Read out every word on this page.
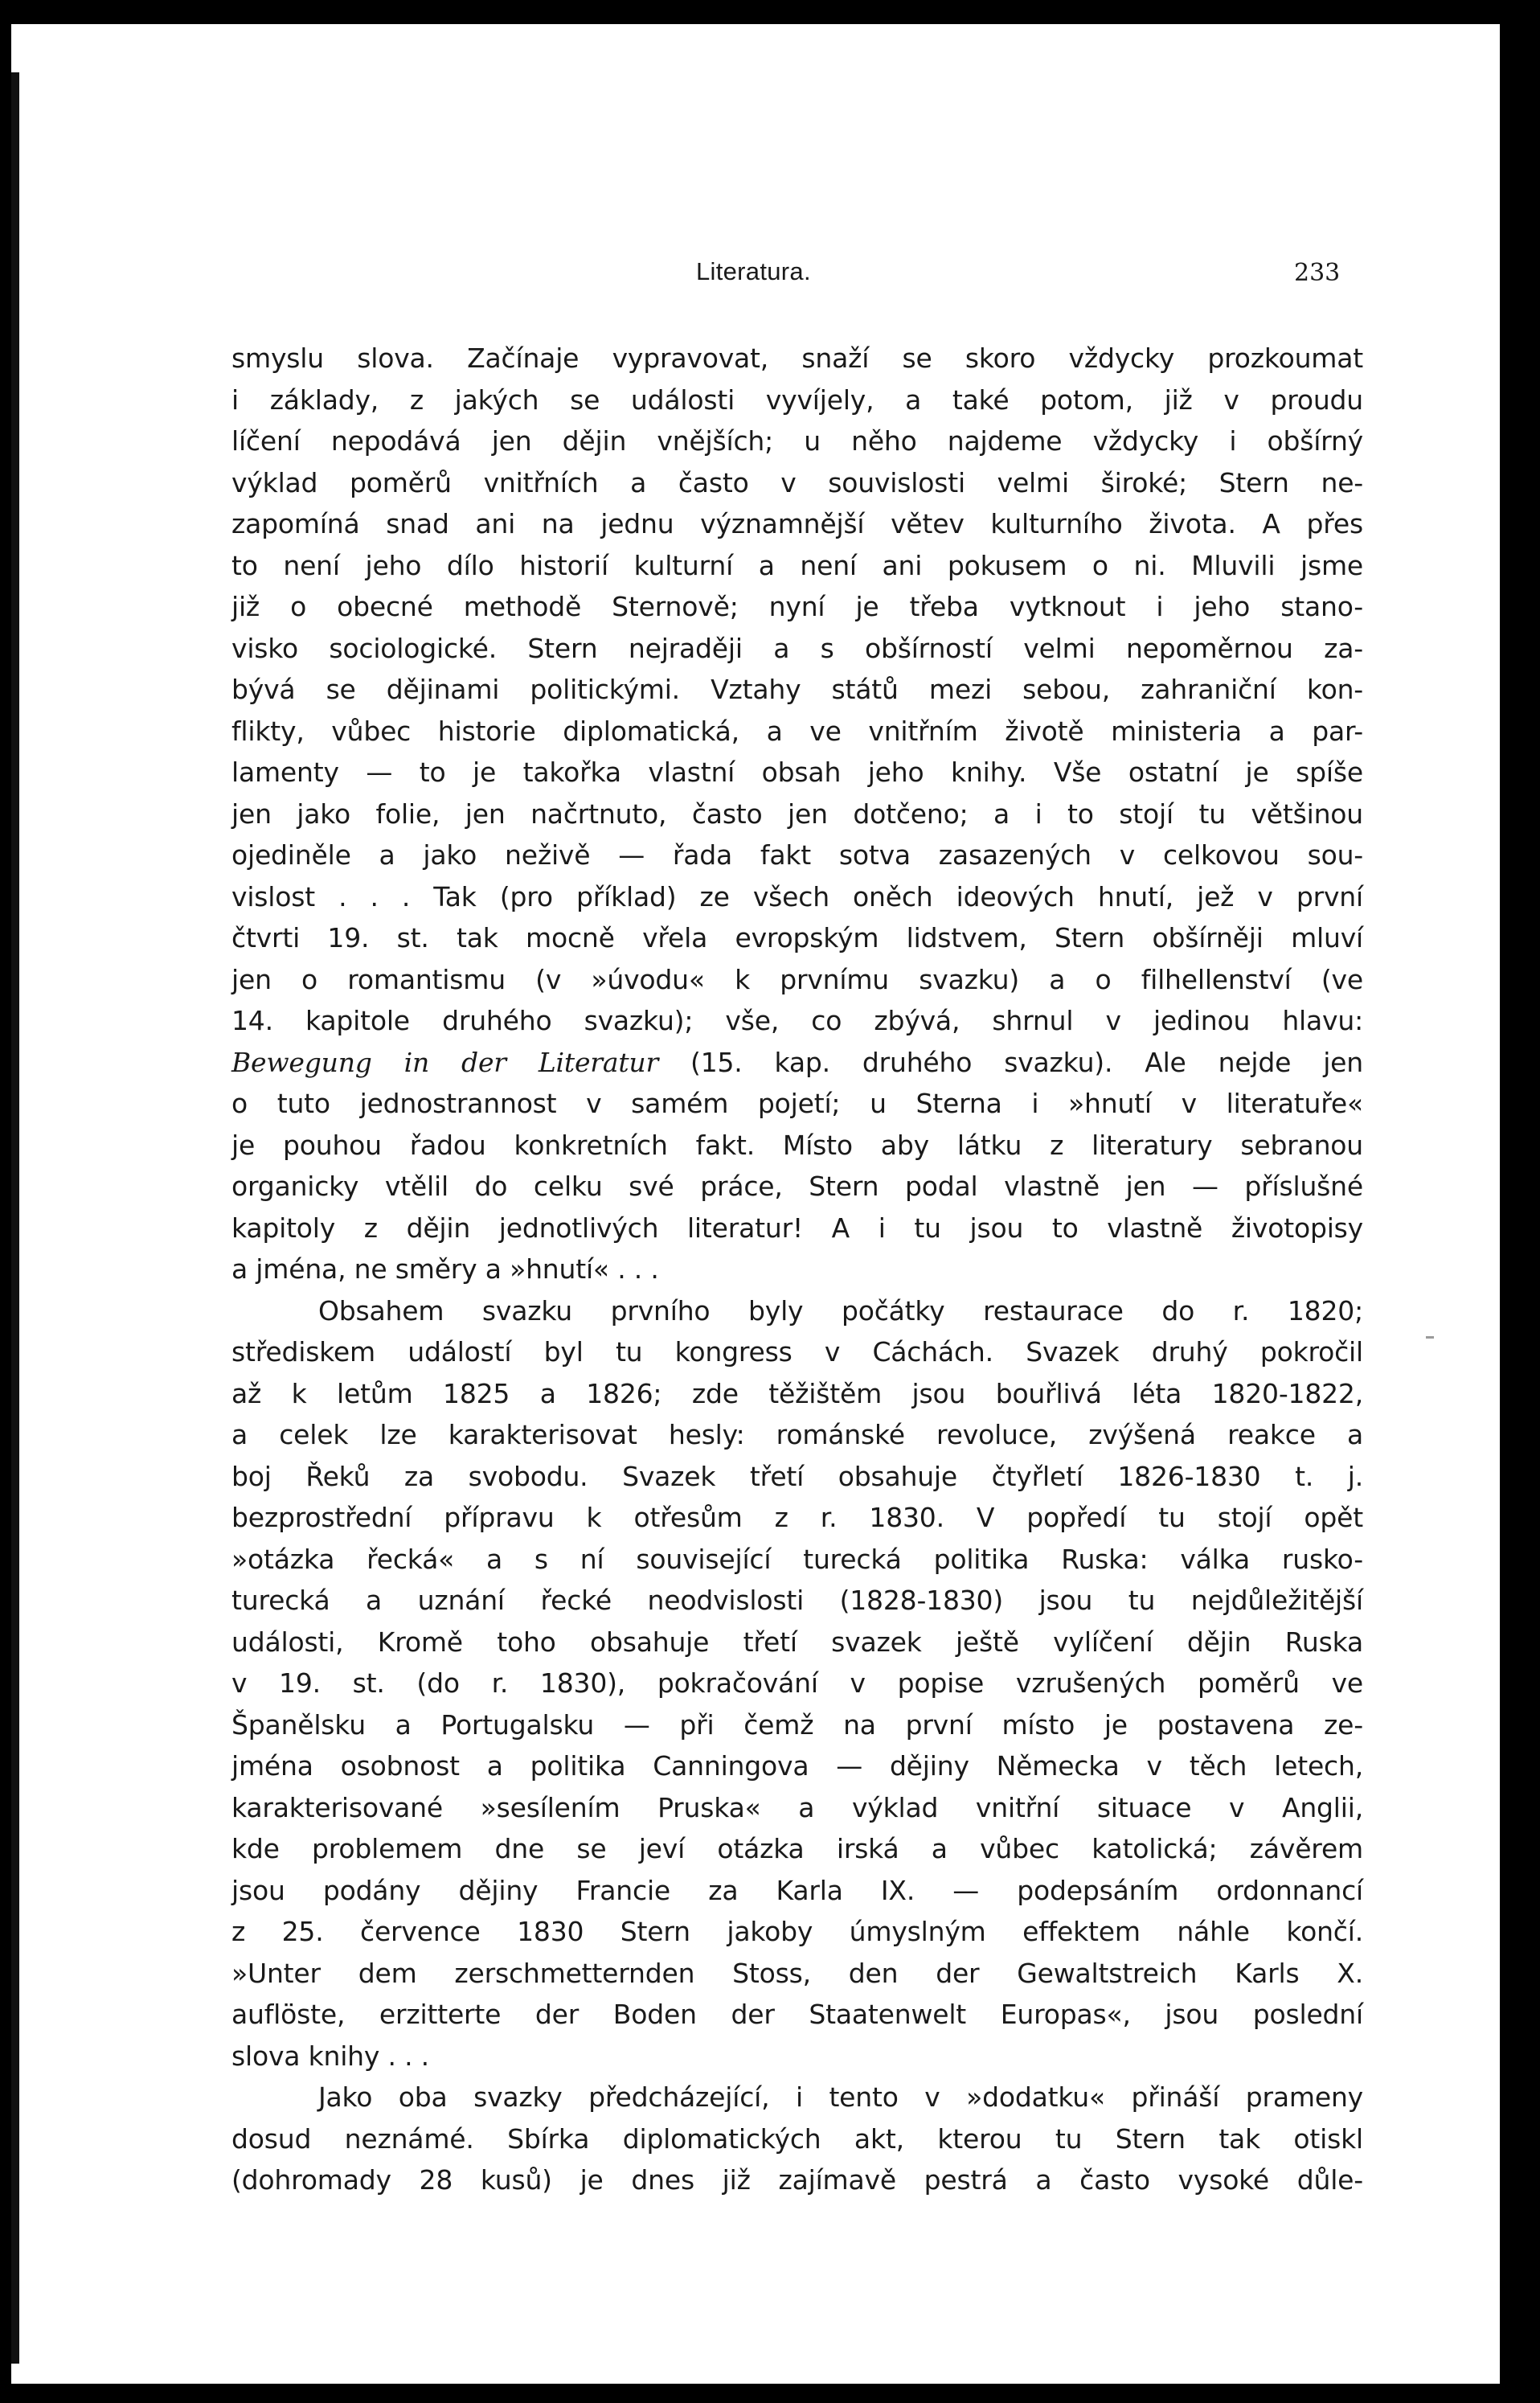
Literatura.	233
smyslu slova. Začínaje vypravovat, snaží se skoro vždycky prozkoumat
i základy, z jakých se události vyvíjely, a také potom, již v proudu
líčení nepodává jen dějin vnějších; u něho najdeme vždycky i obšírný
výklad poměrů vnitřních a často v souvislosti velmi široké; Stern ne-
zapomíná snad ani na jednu významnější větev kulturního života. A přes
to není jeho dílo historií kulturní a není ani pokusem o ni. Mluvili jsme
již o obecné methodě Sternově; nyní je třeba vytknout i jeho stano-
visko sociologické. Stern nejraději a s obšírností velmi nepoměrnou za-
bývá se dějinami politickými. Vztahy států mezi sebou, zahraniční kon-
flikty, vůbec historie diplomatická, a ve vnitřním životě ministeria a par-
lamenty — to je takořka vlastní obsah jeho knihy. Vše ostatní je spíše
jen jako folie, jen načrtnuto, často jen dotčeno; a i to stojí tu většinou
ojediněle a jako neživě — řada fakt sotva zasazených v celkovou sou-
vislost . . . Tak (pro příklad) ze všech oněch ideových hnutí, jež v první
čtvrti 19. st. tak mocně vřela evropským lidstvem, Stern obšírněji mluví
jen o romantismu (v »úvodu« k prvnímu svazku) a o filhellenství (ve
14. kapitole druhého svazku); vše, co zbývá, shrnul v jedinou hlavu:
Bewegung in der Literatur (15. kap. druhého svazku). Ale nejde jen
o tuto jednostrannost v samém pojetí; u Sterna i »hnutí v literatuře«
je pouhou řadou konkretních fakt. Místo aby látku z literatury sebranou
organicky vtělil do celku své práce, Stern podal vlastně jen — příslušné
kapitoly z dějin jednotlivých literatur! A i tu jsou to vlastně životopisy
a jména, ne směry a »hnutí« . . .
Obsahem svazku prvního byly počátky restaurace do r. 1820;
střediskem událostí byl tu kongress v Cáchách. Svazek druhý pokročil
až k letům 1825 a 1826; zde těžištěm jsou bouřlivá léta 1820-1822,
a celek lze karakterisovat hesly: románské revoluce, zvýšená reakce a
boj Řeků za svobodu. Svazek třetí obsahuje čtyřletí 1826-1830 t. j.
bezprostřední přípravu k otřesům z r. 1830. V popředí tu stojí opět
»otázka řecká« a s ní související turecká politika Ruska: válka rusko-
turecká a uznání řecké neodvislosti (1828-1830) jsou tu nejdůležitější
události, Kromě toho obsahuje třetí svazek ještě vylíčení dějin Ruska
v 19. st. (do r. 1830), pokračování v popise vzrušených poměrů ve
Španělsku a Portugalsku — při čemž na první místo je postavena ze-
jména osobnost a politika Canningova — dějiny Německa v těch letech,
karakterisované »sesílením Pruska« a výklad vnitřní situace v Anglii,
kde problemem dne se jeví otázka irská a vůbec katolická; závěrem
jsou podány dějiny Francie za Karla IX. — podepsáním ordonnancí
z 25. července 1830 Stern jakoby úmyslným effektem náhle končí.
»Unter dem zerschmetternden Stoss, den der Gewaltstreich Karls X.
auflöste, erzitterte der Boden der Staatenwelt Europas«, jsou poslední
slova knihy . . .
Jako oba svazky předcházející, i tento v »dodatku« přináší prameny
dosud neznámé. Sbírka diplomatických akt, kterou tu Stern tak otiskl
(dohromady 28 kusů) je dnes již zajímavě pestrá a často vysoké důle-
